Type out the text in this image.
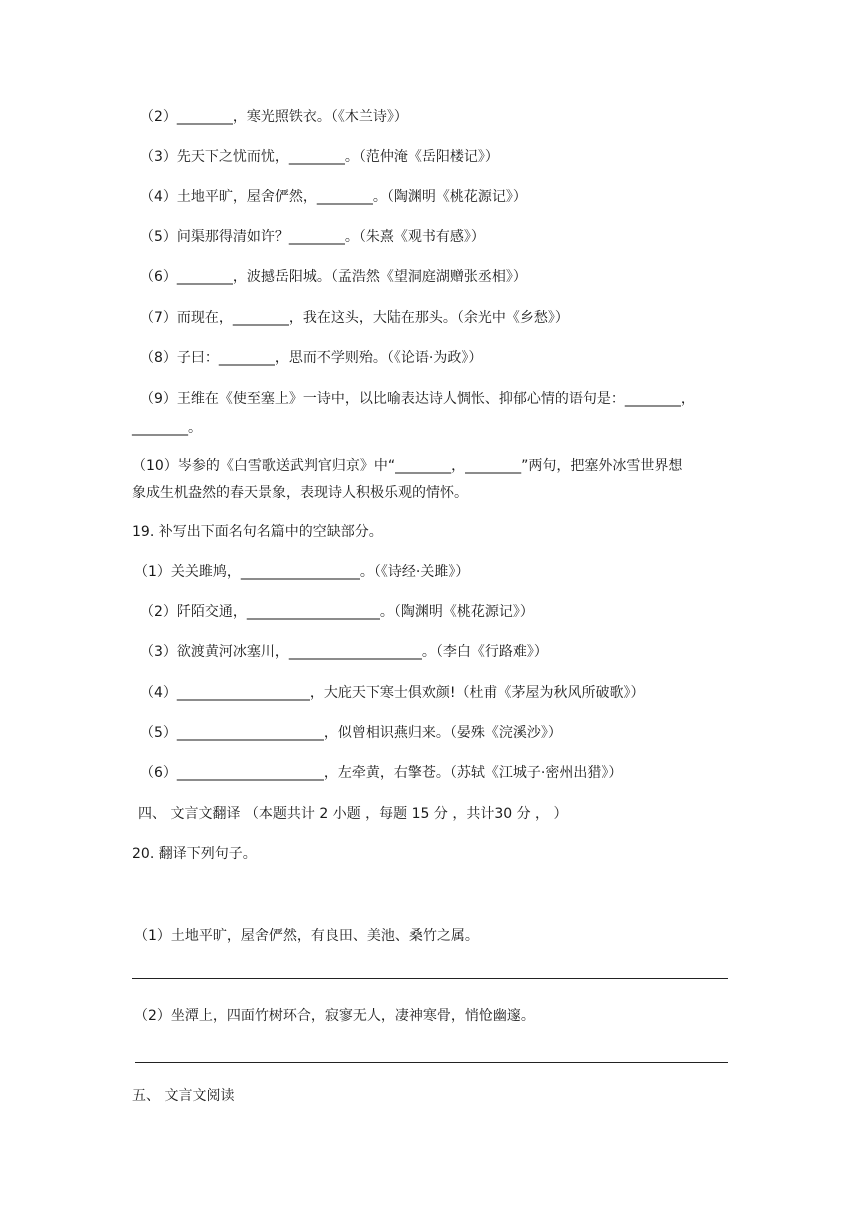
（2）________，寒光照铁衣。（《木兰诗》）
（3）先天下之忧而忧，________。（范仲淹《岳阳楼记》）
（4）土地平旷，屋舍俨然，________。（陶渊明《桃花源记》）
（5）问渠那得清如许？________。（朱熹《观书有感》）
（6）________，波撼岳阳城。（孟浩然《望洞庭湖赠张丞相》）
（7）而现在，________，我在这头，大陆在那头。（余光中《乡愁》）
（8）子曰：________，思而不学则殆。（《论语·为政》）
（9）王维在《使至塞上》一诗中，以比喻表达诗人惆怅、抑郁心情的语句是：________，
________。
（10）岑参的《白雪歌送武判官归京》中“________，________”两句，把塞外冰雪世界想
象成生机盎然的春天景象，表现诗人积极乐观的情怀。
19. 补写出下面名句名篇中的空缺部分。
（1）关关雎鸠，_________________。（《诗经·关雎》）
（2）阡陌交通，___________________。（陶渊明《桃花源记》）
（3）欲渡黄河冰塞川，___________________。（李白《行路难》）
（4）___________________，大庇天下寒士俱欢颜!（杜甫《茅屋为秋风所破歌》）
（5）_____________________，似曾相识燕归来。（晏殊《浣溪沙》）
（6）_____________________，左牵黄，右擎苍。（苏轼《江城子·密州出猎》）
四、 文言文翻译 （本题共计 2 小题 ，每题 15 分 ，共计30 分 ， ）
20. 翻译下列句子。
（1）土地平旷，屋舍俨然，有良田、美池、桑竹之属。
（2）坐潭上，四面竹树环合，寂寥无人，凄神寒骨，悄怆幽邃。
五、 文言文阅读
